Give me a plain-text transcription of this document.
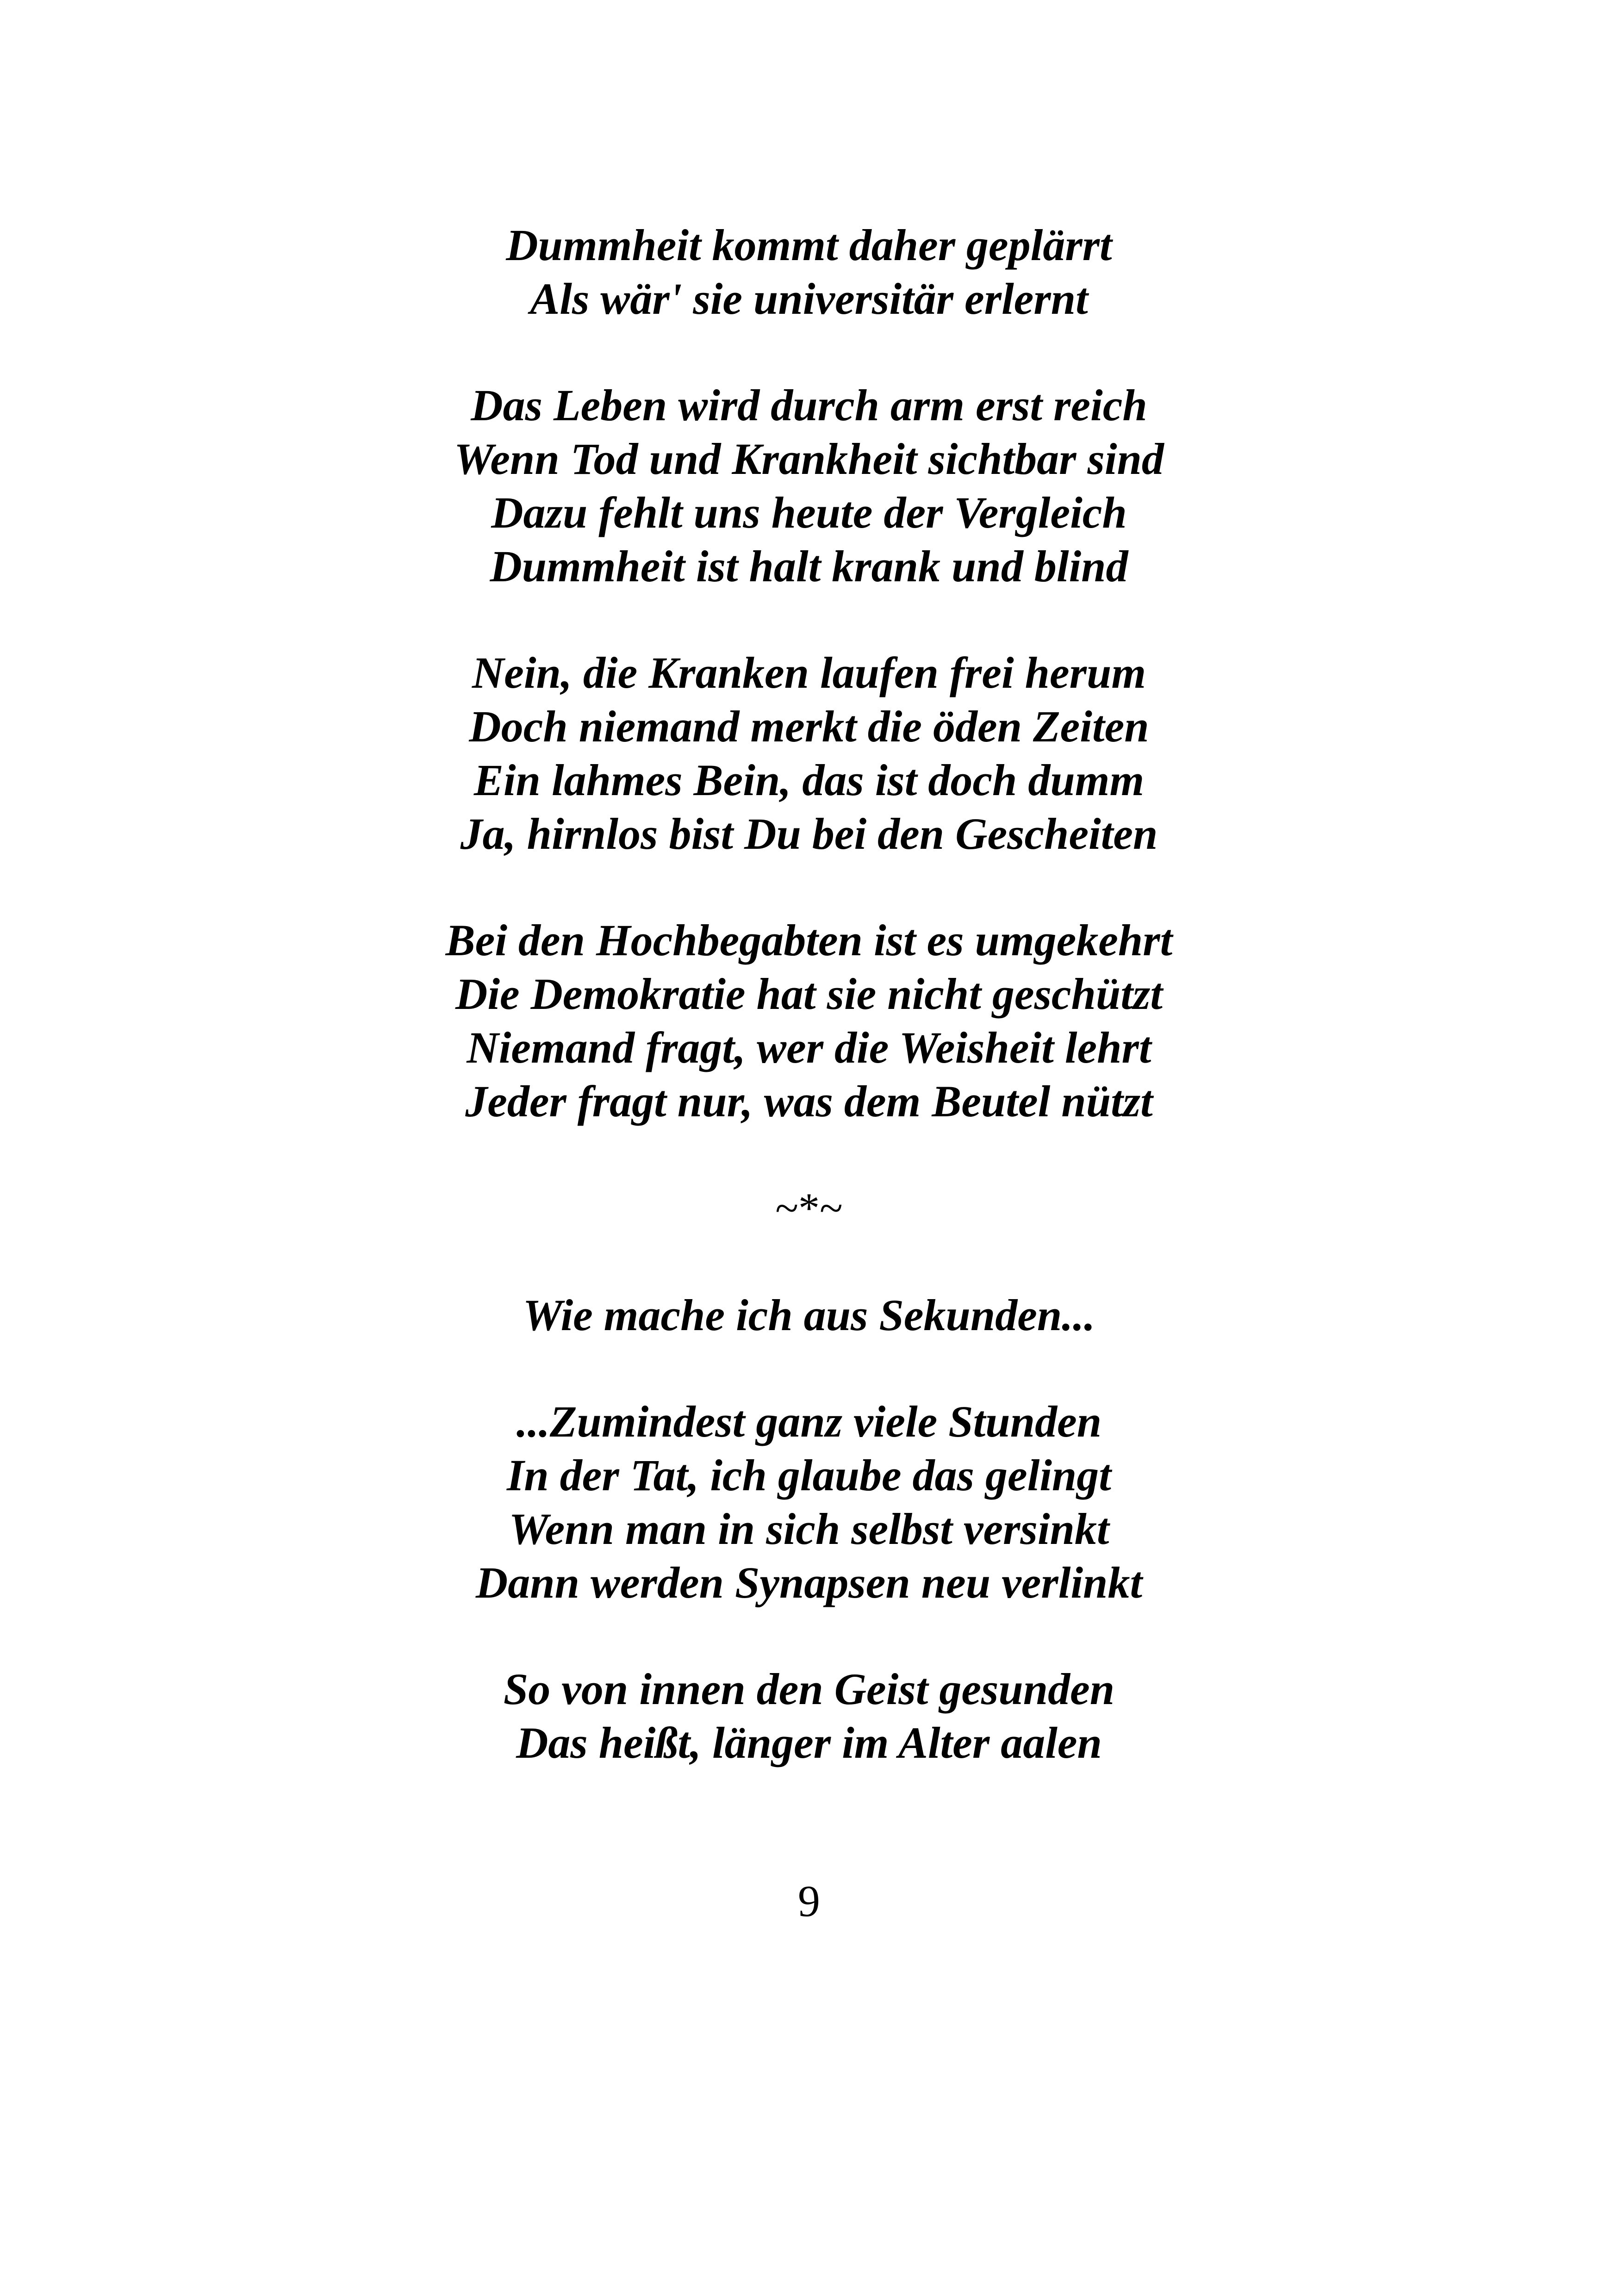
Dummheit kommt daher geplärrt
Als wär' sie universitär erlernt
Das Leben wird durch arm erst reich
Wenn Tod und Krankheit sichtbar sind
Dazu fehlt uns heute der Vergleich
Dummheit ist halt krank und blind
Nein, die Kranken laufen frei herum
Doch niemand merkt die öden Zeiten
Ein lahmes Bein, das ist doch dumm
Ja, hirnlos bist Du bei den Gescheiten
Bei den Hochbegabten ist es umgekehrt
Die Demokratie hat sie nicht geschützt
Niemand fragt, wer die Weisheit lehrt
Jeder fragt nur, was dem Beutel nützt
~*~
Wie mache ich aus Sekunden...
...Zumindest ganz viele Stunden
In der Tat, ich glaube das gelingt
Wenn man in sich selbst versinkt
Dann werden Synapsen neu verlinkt
So von innen den Geist gesunden
Das heißt, länger im Alter aalen
9
